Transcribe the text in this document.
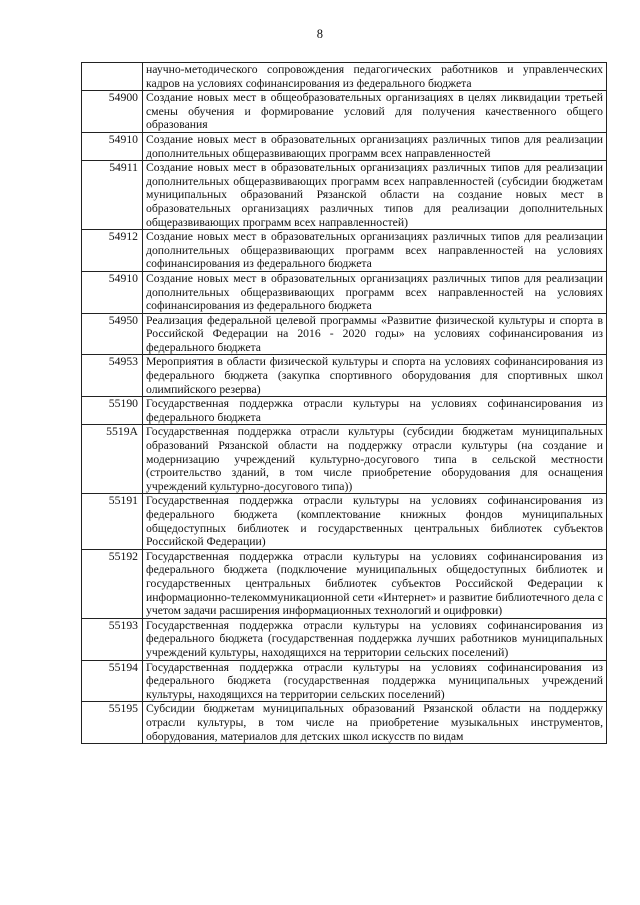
8
	научно-методического сопровождения педагогических работников и управленческих кадров на условиях софинансирования из федерального бюджета
54900	Создание новых мест в общеобразовательных организациях в целях ликвидации третьей смены обучения и формирование условий для получения качественного общего образования
54910	Создание новых мест в образовательных организациях различных типов для реализации дополнительных общеразвивающих программ всех направленностей
54911	Создание новых мест в образовательных организациях различных типов для реализации дополнительных общеразвивающих программ всех направленностей (субсидии бюджетам муниципальных образований Рязанской области на создание новых мест в образовательных организациях различных типов для реализации дополнительных общеразвивающих программ всех направленностей)
54912	Создание новых мест в образовательных организациях различных типов для реализации дополнительных общеразвивающих программ всех направленностей на условиях софинансирования из федерального бюджета
54910	Создание новых мест в образовательных организациях различных типов для реализации дополнительных общеразвивающих программ всех направленностей на условиях софинансирования из федерального бюджета
54950	Реализация федеральной целевой программы «Развитие физической культуры и спорта в Российской Федерации на 2016 - 2020 годы» на условиях софинансирования из федерального бюджета
54953	Мероприятия в области физической культуры и спорта на условиях софинансирования из федерального бюджета (закупка спортивного оборудования для спортивных школ олимпийского резерва)
55190	Государственная поддержка отрасли культуры на условиях софинансирования из федерального бюджета
5519А	Государственная поддержка отрасли культуры (субсидии бюджетам муниципальных образований Рязанской области на поддержку отрасли культуры (на создание и модернизацию учреждений культурно-досугового типа в сельской местности (строительство зданий, в том числе приобретение оборудования для оснащения учреждений культурно-досугового типа))
55191	Государственная поддержка отрасли культуры на условиях софинансирования из федерального бюджета (комплектование книжных фондов муниципальных общедоступных библиотек и государственных центральных библиотек субъектов Российской Федерации)
55192	Государственная поддержка отрасли культуры на условиях софинансирования из федерального бюджета (подключение муниципальных общедоступных библиотек и государственных центральных библиотек субъектов Российской Федерации к информационно-телекоммуникационной сети «Интернет» и развитие библиотечного дела с учетом задачи расширения информационных технологий и оцифровки)
55193	Государственная поддержка отрасли культуры на условиях софинансирования из федерального бюджета (государственная поддержка лучших работников муниципальных учреждений культуры, находящихся на территории сельских поселений)
55194	Государственная поддержка отрасли культуры на условиях софинансирования из федерального бюджета (государственная поддержка муниципальных учреждений культуры, находящихся на территории сельских поселений)
55195	Субсидии бюджетам муниципальных образований Рязанской области на поддержку отрасли культуры, в том числе на приобретение музыкальных инструментов, оборудования, материалов для детских школ искусств по видам
